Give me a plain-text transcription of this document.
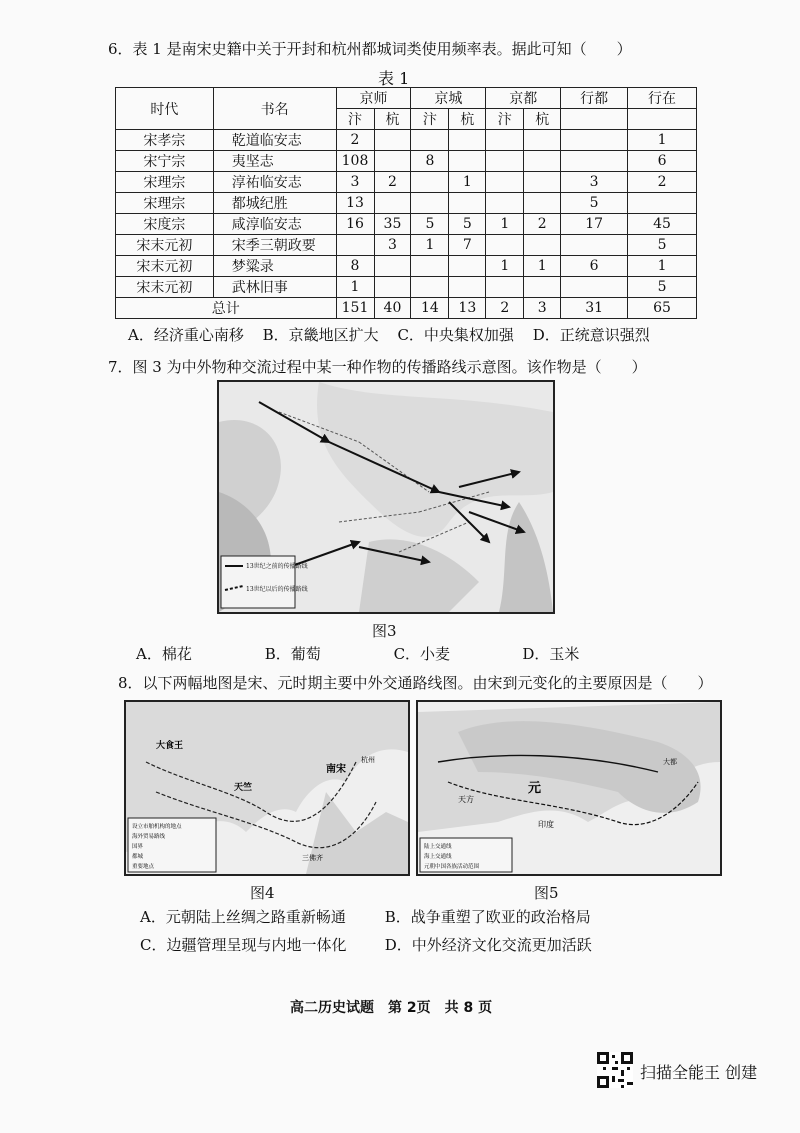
6．表 1 是南宋史籍中关于开封和杭州都城词类使用频率表。据此可知（　　）
表 1
时代	书名	京师		京城		京都		行都	行在
		汴	杭	汴	杭	汴	杭		
宋孝宗	乾道临安志	2							1
宋宁宗	夷坚志	108		8					6
宋理宗	淳祐临安志	3	2		1			3	2
宋理宗	都城纪胜	13						5	
宋度宗	咸淳临安志	16	35	5	5	1	2	17	45
宋末元初	宋季三朝政要		3	1	7				5
宋末元初	梦粱录	8				1	1	6	1
宋末元初	武林旧事	1							5
总计		151	40	14	13	2	3	31	65
A．经济重心南移 B．京畿地区扩大 C．中央集权加强 D．正统意识强烈
7．图 3 为中外物种交流过程中某一种作物的传播路线示意图。该作物是（　　）
13世纪之前的传播路线
13世纪以后的传播路线
图3
A．棉花	B．葡萄	C．小麦	D．玉米
8．以下两幅地图是宋、元时期主要中外交通路线图。由宋到元变化的主要原因是（　　）
大食王
天竺
南宋
杭州
三佛齐
设立市舶机构的地点
海外贸易路线
国界
都城
重要地点
元
大都
天方
印度
陆上交通线
海上交通线
元朝中国各族活动范围
图4	图5
A．元朝陆上丝绸之路重新畅通	B．战争重塑了欧亚的政治格局
C．边疆管理呈现与内地一体化	D．中外经济文化交流更加活跃
高二历史试题　第 2页　共 8 页
扫描全能王 创建
